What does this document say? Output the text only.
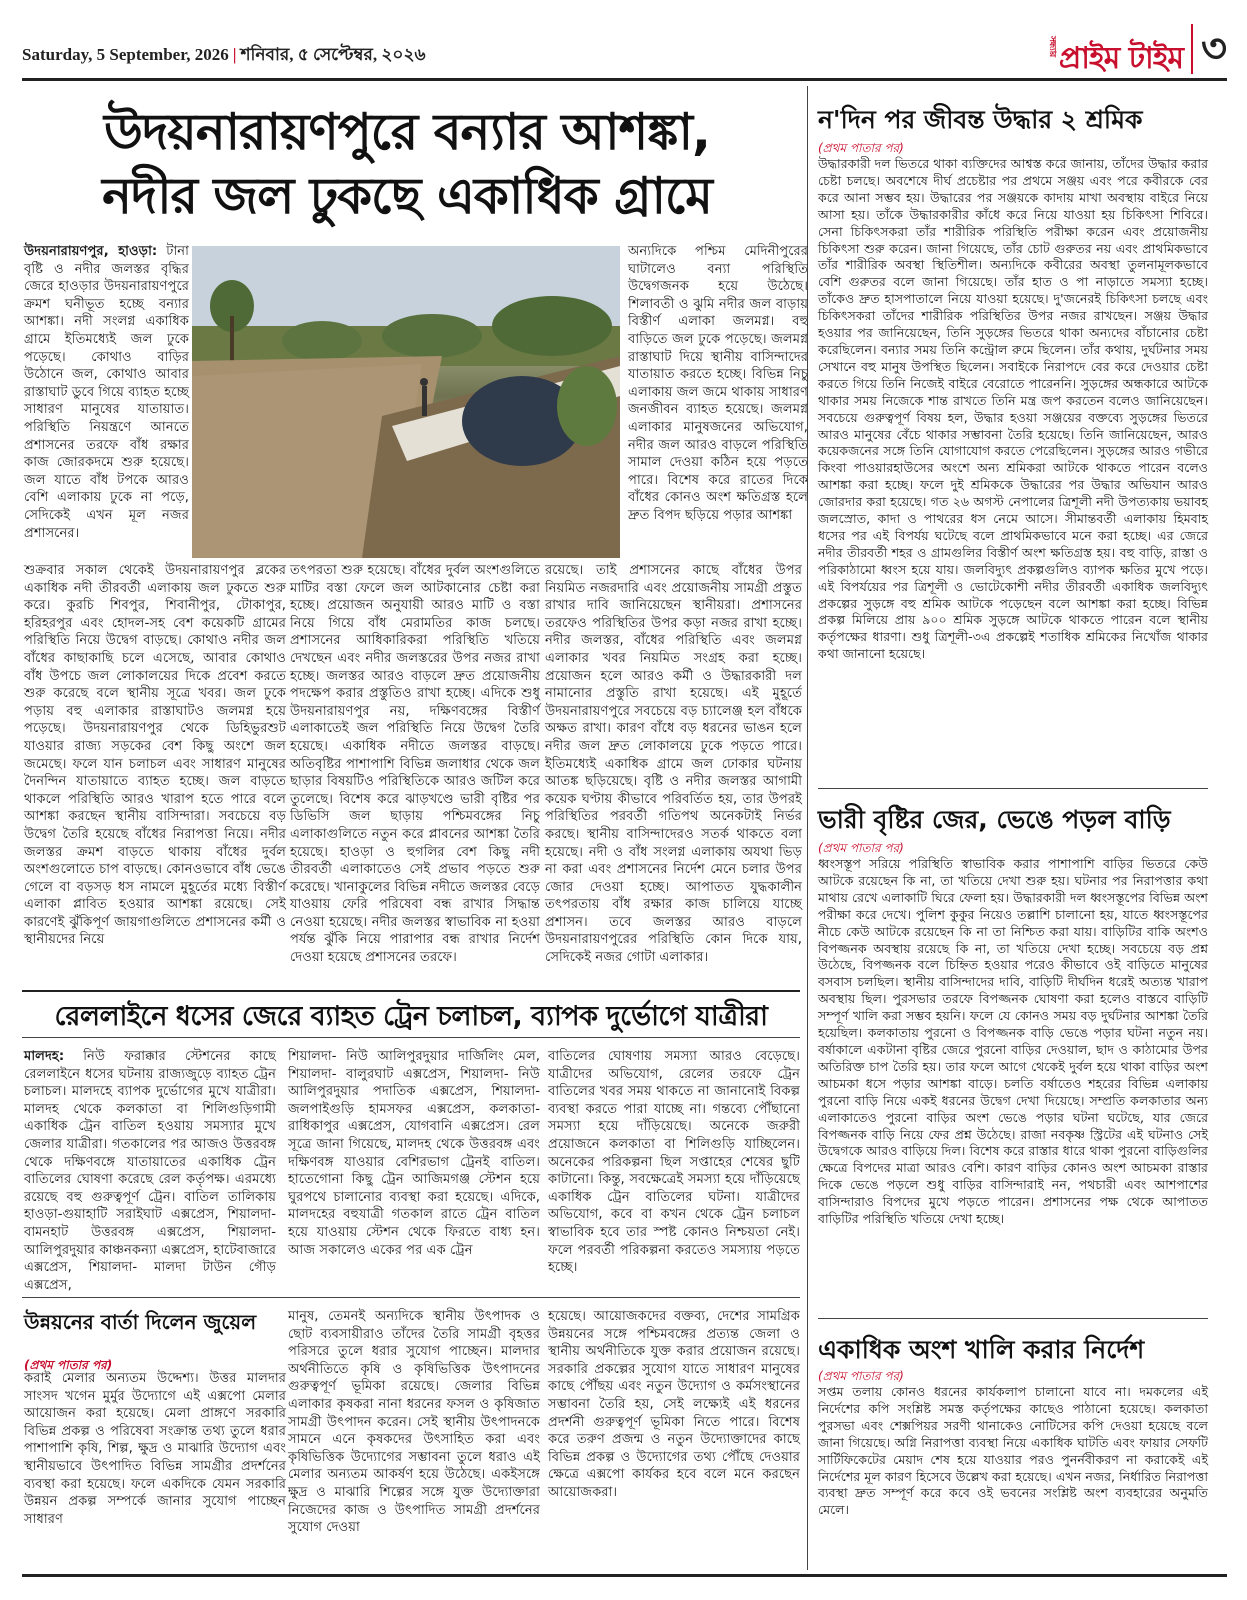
Saturday, 5 September, 2026 | শনিবার, ৫ সেপ্টেম্বর, ২০২৬	সন্ধ্যার প্রাইম টাইম ৩
উদয়নারায়ণপুরে বন্যার আশঙ্কা,
নদীর জল ঢুকছে একাধিক গ্রামে
উদয়নারায়ণপুর, হাওড়া: টানা বৃষ্টি ও নদীর জলস্তর বৃদ্ধির জেরে হাওড়ার উদয়নারায়ণপুরে ক্রমশ ঘনীভূত হচ্ছে বন্যার আশঙ্কা। নদী সংলগ্ন একাধিক গ্রামে ইতিমধ্যেই জল ঢুকে পড়েছে। কোথাও বাড়ির উঠোনে জল, কোথাও আবার রাস্তাঘাট ডুবে গিয়ে ব্যাহত হচ্ছে সাধারণ মানুষের যাতায়াত। পরিস্থিতি নিয়ন্ত্রণে আনতে প্রশাসনের তরফে বাঁধ রক্ষার কাজ জোরকদমে শুরু হয়েছে। জল যাতে বাঁধ টপকে আরও বেশি এলাকায় ঢুকে না পড়ে, সেদিকেই এখন মূল নজর প্রশাসনের।
অন্যদিকে পশ্চিম মেদিনীপুরের ঘাটালেও বন্যা পরিস্থিতি উদ্বেগজনক হয়ে উঠেছে। শিলাবতী ও ঝুমি নদীর জল বাড়ায় বিস্তীর্ণ এলাকা জলমগ্ন। বহু বাড়িতে জল ঢুকে পড়েছে। জলমগ্ন রাস্তাঘাট দিয়ে স্থানীয় বাসিন্দাদের যাতায়াত করতে হচ্ছে। বিভিন্ন নিচু এলাকায় জল জমে থাকায় সাধারণ জনজীবন ব্যাহত হয়েছে। জলমগ্ন এলাকার মানুষজনের অভিযোগ, নদীর জল আরও বাড়লে পরিস্থিতি সামাল দেওয়া কঠিন হয়ে পড়তে পারে। বিশেষ করে রাতের দিকে বাঁধের কোনও অংশ ক্ষতিগ্রস্ত হলে দ্রুত বিপদ ছড়িয়ে পড়ার আশঙ্কা
শুক্রবার সকাল থেকেই উদয়নারায়ণপুর ব্লকের একাধিক নদী তীরবর্তী এলাকায় জল ঢুকতে শুরু করে। কুরচি শিবপুর, শিবানীপুর, টোকাপুর, হরিহরপুর এবং হোদল-সহ বেশ কয়েকটি গ্রামের পরিস্থিতি নিয়ে উদ্বেগ বাড়ছে। কোথাও নদীর জল বাঁধের কাছাকাছি চলে এসেছে, আবার কোথাও বাঁধ উপচে জল লোকালয়ের দিকে প্রবেশ করতে শুরু করেছে বলে স্থানীয় সূত্রে খবর। জল ঢুকে পড়ায় বহু এলাকার রাস্তাঘাটও জলমগ্ন হয়ে পড়েছে। উদয়নারায়ণপুর থেকে ডিহিভুরশুট যাওয়ার রাজ্য সড়কের বেশ কিছু অংশে জল জমেছে। ফলে যান চলাচল এবং সাধারণ মানুষের দৈনন্দিন যাতায়াতে ব্যাহত হচ্ছে। জল বাড়তে থাকলে পরিস্থিতি আরও খারাপ হতে পারে বলে আশঙ্কা করছেন স্থানীয় বাসিন্দারা। সবচেয়ে বড় উদ্বেগ তৈরি হয়েছে বাঁধের নিরাপত্তা নিয়ে। নদীর জলস্তর ক্রমশ বাড়তে থাকায় বাঁধের দুর্বল অংশগুলোতে চাপ বাড়ছে। কোনওভাবে বাঁধ ভেঙে গেলে বা বড়সড় ধস নামলে মুহূর্তের মধ্যে বিস্তীর্ণ এলাকা প্লাবিত হওয়ার আশঙ্কা রয়েছে। সেই কারণেই ঝুঁকিপূর্ণ জায়গাগুলিতে প্রশাসনের কর্মী ও স্থানীয়দের নিয়ে
তৎপরতা শুরু হয়েছে। বাঁধের দুর্বল অংশগুলিতে মাটির বস্তা ফেলে জল আটকানোর চেষ্টা করা হচ্ছে। প্রয়োজন অনুযায়ী আরও মাটি ও বস্তা নিয়ে গিয়ে বাঁধ মেরামতির কাজ চলছে। প্রশাসনের আধিকারিকরা পরিস্থিতি খতিয়ে দেখছেন এবং নদীর জলস্তরের উপর নজর রাখা হচ্ছে। জলস্তর আরও বাড়লে দ্রুত প্রয়োজনীয় পদক্ষেপ করার প্রস্তুতিও রাখা হচ্ছে। এদিকে শুধু উদয়নারায়ণপুর নয়, দক্ষিণবঙ্গের বিস্তীর্ণ এলাকাতেই জল পরিস্থিতি নিয়ে উদ্বেগ তৈরি হয়েছে। একাধিক নদীতে জলস্তর বাড়ছে। অতিবৃষ্টির পাশাপাশি বিভিন্ন জলাধার থেকে জল ছাড়ার বিষয়টিও পরিস্থিতিকে আরও জটিল করে তুলেছে। বিশেষ করে ঝাড়খণ্ডে ভারী বৃষ্টির পর ডিভিসি জল ছাড়ায় পশ্চিমবঙ্গের নিচু এলাকাগুলিতে নতুন করে প্লাবনের আশঙ্কা তৈরি হয়েছে। হাওড়া ও হুগলির বেশ কিছু নদী তীরবর্তী এলাকাতেও সেই প্রভাব পড়তে শুরু করেছে। খানাকুলের বিভিন্ন নদীতে জলস্তর বেড়ে যাওয়ায় ফেরি পরিষেবা বন্ধ রাখার সিদ্ধান্ত নেওয়া হয়েছে। নদীর জলস্তর স্বাভাবিক না হওয়া পর্যন্ত ঝুঁকি নিয়ে পারাপার বন্ধ রাখার নির্দেশ দেওয়া হয়েছে প্রশাসনের তরফে।
রয়েছে। তাই প্রশাসনের কাছে বাঁধের উপর নিয়মিত নজরদারি এবং প্রয়োজনীয় সামগ্রী প্রস্তুত রাখার দাবি জানিয়েছেন স্থানীয়রা। প্রশাসনের তরফেও পরিস্থিতির উপর কড়া নজর রাখা হচ্ছে। নদীর জলস্তর, বাঁধের পরিস্থিতি এবং জলমগ্ন এলাকার খবর নিয়মিত সংগ্রহ করা হচ্ছে। প্রয়োজন হলে আরও কর্মী ও উদ্ধারকারী দল নামানোর প্রস্তুতি রাখা হয়েছে। এই মুহূর্তে উদয়নারায়ণপুরে সবচেয়ে বড় চ্যালেঞ্জ হল বাঁধকে অক্ষত রাখা। কারণ বাঁধে বড় ধরনের ভাঙন হলে নদীর জল দ্রুত লোকালয়ে ঢুকে পড়তে পারে। ইতিমধ্যেই একাধিক গ্রামে জল ঢোকার ঘটনায় আতঙ্ক ছড়িয়েছে। বৃষ্টি ও নদীর জলস্তর আগামী কয়েক ঘণ্টায় কীভাবে পরিবর্তিত হয়, তার উপরই পরিস্থিতির পরবর্তী গতিপথ অনেকটাই নির্ভর করছে। স্থানীয় বাসিন্দাদেরও সতর্ক থাকতে বলা হয়েছে। নদী ও বাঁধ সংলগ্ন এলাকায় অযথা ভিড় না করা এবং প্রশাসনের নির্দেশ মেনে চলার উপর জোর দেওয়া হচ্ছে। আপাতত যুদ্ধকালীন তৎপরতায় বাঁধ রক্ষার কাজ চালিয়ে যাচ্ছে প্রশাসন। তবে জলস্তর আরও বাড়লে উদয়নারায়ণপুরের পরিস্থিতি কোন দিকে যায়, সেদিকেই নজর গোটা এলাকার।
রেললাইনে ধসের জেরে ব্যাহত ট্রেন চলাচল, ব্যাপক দুর্ভোগে যাত্রীরা
মালদহ: নিউ ফরাক্কার স্টেশনের কাছে রেললাইনে ধসের ঘটনায় রাজ্যজুড়ে ব্যাহত ট্রেন চলাচল। মালদহে ব্যাপক দুর্ভোগের মুখে যাত্রীরা। মালদহ থেকে কলকাতা বা শিলিগুড়িগামী একাধিক ট্রেন বাতিল হওয়ায় সমস্যার মুখে জেলার যাত্রীরা। গতকালের পর আজও উত্তরবঙ্গ থেকে দক্ষিণবঙ্গে যাতায়াতের একাধিক ট্রেন বাতিলের ঘোষণা করেছে রেল কর্তৃপক্ষ। এরমধ্যে রয়েছে বহু গুরুত্বপূর্ণ ট্রেন। বাতিল তালিকায় হাওড়া-গুয়াহাটি সরাইঘাট এক্সপ্রেস, শিয়ালদা-বামনহাট উত্তরবঙ্গ এক্সপ্রেস, শিয়ালদা-আলিপুরদুয়ার কাঞ্চনকন্যা এক্সপ্রেস, হাটেবাজারে এক্সপ্রেস, শিয়ালদা- মালদা টাউন গৌড় এক্সপ্রেস,
শিয়ালদা- নিউ আলিপুরদুয়ার দার্জিলিং মেল, শিয়ালদা- বালুরঘাট এক্সপ্রেস, শিয়ালদা- নিউ আলিপুরদুয়ার পদাতিক এক্সপ্রেস, শিয়ালদা- জলপাইগুড়ি হামসফর এক্সপ্রেস, কলকাতা- রাধিকাপুর এক্সপ্রেস, যোগবানি এক্সপ্রেস। রেল সূত্রে জানা গিয়েছে, মালদহ থেকে উত্তরবঙ্গ এবং দক্ষিণবঙ্গ যাওয়ার বেশিরভাগ ট্রেনই বাতিল। হাতেগোনা কিছু ট্রেন আজিমগঞ্জ স্টেশন হয়ে ঘুরপথে চালানোর ব্যবস্থা করা হয়েছে। এদিকে, মালদহের বহুযাত্রী গতকাল রাতে ট্রেন বাতিল হয়ে যাওয়ায় স্টেশন থেকে ফিরতে বাধ্য হন। আজ সকালেও একের পর এক ট্রেন
বাতিলের ঘোষণায় সমস্যা আরও বেড়েছে। যাত্রীদের অভিযোগ, রেলের তরফে ট্রেন বাতিলের খবর সময় থাকতে না জানানোই বিকল্প ব্যবস্থা করতে পারা যাচ্ছে না। গন্তব্যে পৌঁছানো সমস্যা হয়ে দাঁড়িয়েছে। অনেকে জরুরী প্রয়োজনে কলকাতা বা শিলিগুড়ি যাচ্ছিলেন। অনেকের পরিকল্পনা ছিল সপ্তাহের শেষের ছুটি কাটানো। কিন্তু, সবক্ষেত্রেই সমস্যা হয়ে দাঁড়িয়েছে একাধিক ট্রেন বাতিলের ঘটনা। যাত্রীদের অভিযোগ, কবে বা কখন থেকে ট্রেন চলাচল স্বাভাবিক হবে তার স্পষ্ট কোনও নিশ্চয়তা নেই। ফলে পরবর্তী পরিকল্পনা করতেও সমস্যায় পড়তে হচ্ছে।
উন্নয়নের বার্তা দিলেন জুয়েল
(প্রথম পাতার পর)
করাই মেলার অন্যতম উদ্দেশ্য। উত্তর মালদার সাংসদ খগেন মুর্মুর উদ্যোগে এই এক্সপো মেলার আয়োজন করা হয়েছে। মেলা প্রাঙ্গণে সরকারি বিভিন্ন প্রকল্প ও পরিষেবা সংক্রান্ত তথ্য তুলে ধরার পাশাপাশি কৃষি, শিল্প, ক্ষুদ্র ও মাঝারি উদ্যোগ এবং স্থানীয়ভাবে উৎপাদিত বিভিন্ন সামগ্রীর প্রদর্শনের ব্যবস্থা করা হয়েছে। ফলে একদিকে যেমন সরকারি উন্নয়ন প্রকল্প সম্পর্কে জানার সুযোগ পাচ্ছেন সাধারণ
মানুষ, তেমনই অন্যদিকে স্থানীয় উৎপাদক ও ছোট ব্যবসায়ীরাও তাঁদের তৈরি সামগ্রী বৃহত্তর পরিসরে তুলে ধরার সুযোগ পাচ্ছেন। মালদার অর্থনীতিতে কৃষি ও কৃষিভিত্তিক উৎপাদনের গুরুত্বপূর্ণ ভূমিকা রয়েছে। জেলার বিভিন্ন এলাকার কৃষকরা নানা ধরনের ফসল ও কৃষিজাত সামগ্রী উৎপাদন করেন। সেই স্থানীয় উৎপাদনকে সামনে এনে কৃষকদের উৎসাহিত করা এবং কৃষিভিত্তিক উদ্যোগের সম্ভাবনা তুলে ধরাও এই মেলার অন্যতম আকর্ষণ হয়ে উঠেছে। একইসঙ্গে ক্ষুদ্র ও মাঝারি শিল্পের সঙ্গে যুক্ত উদ্যোক্তারা নিজেদের কাজ ও উৎপাদিত সামগ্রী প্রদর্শনের সুযোগ দেওয়া
হয়েছে। আয়োজকদের বক্তব্য, দেশের সামগ্রিক উন্নয়নের সঙ্গে পশ্চিমবঙ্গের প্রত্যন্ত জেলা ও স্থানীয় অর্থনীতিকে যুক্ত করার প্রয়োজন রয়েছে। সরকারি প্রকল্পের সুযোগ যাতে সাধারণ মানুষের কাছে পৌঁছয় এবং নতুন উদ্যোগ ও কর্মসংস্থানের সম্ভাবনা তৈরি হয়, সেই লক্ষ্যেই এই ধরনের প্রদর্শনী গুরুত্বপূর্ণ ভূমিকা নিতে পারে। বিশেষ করে তরুণ প্রজন্ম ও নতুন উদ্যোক্তাদের কাছে বিভিন্ন প্রকল্প ও উদ্যোগের তথ্য পৌঁছে দেওয়ার ক্ষেত্রে এক্সপো কার্যকর হবে বলে মনে করছেন আয়োজকরা।
ন'দিন পর জীবন্ত উদ্ধার ২ শ্রমিক
(প্রথম পাতার পর)
উদ্ধারকারী দল ভিতরে থাকা ব্যক্তিদের আশ্বস্ত করে জানায়, তাঁদের উদ্ধার করার চেষ্টা চলছে। অবশেষে দীর্ঘ প্রচেষ্টার পর প্রথমে সঞ্জয় এবং পরে কবীরকে বের করে আনা সম্ভব হয়। উদ্ধারের পর সঞ্জয়কে কাদায় মাখা অবস্থায় বাইরে নিয়ে আসা হয়। তাঁকে উদ্ধারকারীর কাঁধে করে নিয়ে যাওয়া হয় চিকিৎসা শিবিরে। সেনা চিকিৎসকরা তাঁর শারীরিক পরিস্থিতি পরীক্ষা করেন এবং প্রয়োজনীয় চিকিৎসা শুরু করেন। জানা গিয়েছে, তাঁর চোট গুরুতর নয় এবং প্রাথমিকভাবে তাঁর শারীরিক অবস্থা স্থিতিশীল। অন্যদিকে কবীরের অবস্থা তুলনামূলকভাবে বেশি গুরুতর বলে জানা গিয়েছে। তাঁর হাত ও পা নাড়াতে সমস্যা হচ্ছে। তাঁকেও দ্রুত হাসপাতালে নিয়ে যাওয়া হয়েছে। দু'জনেরই চিকিৎসা চলছে এবং চিকিৎসকরা তাঁদের শারীরিক পরিস্থিতির উপর নজর রাখছেন। সঞ্জয় উদ্ধার হওয়ার পর জানিয়েছেন, তিনি সুড়ঙ্গের ভিতরে থাকা অন্যদের বাঁচানোর চেষ্টা করেছিলেন। বন্যার সময় তিনি কন্ট্রোল রুমে ছিলেন। তাঁর কথায়, দুর্ঘটনার সময় সেখানে বহু মানুষ উপস্থিত ছিলেন। সবাইকে নিরাপদে বের করে দেওয়ার চেষ্টা করতে গিয়ে তিনি নিজেই বাইরে বেরোতে পারেননি। সুড়ঙ্গের অন্ধকারে আটকে থাকার সময় নিজেকে শান্ত রাখতে তিনি মন্ত্র জপ করতেন বলেও জানিয়েছেন। সবচেয়ে গুরুত্বপূর্ণ বিষয় হল, উদ্ধার হওয়া সঞ্জয়ের বক্তব্যে সুড়ঙ্গের ভিতরে আরও মানুষের বেঁচে থাকার সম্ভাবনা তৈরি হয়েছে। তিনি জানিয়েছেন, আরও কয়েকজনের সঙ্গে তিনি যোগাযোগ করতে পেরেছিলেন। সুড়ঙ্গের আরও গভীরে কিংবা পাওয়ারহাউসের অংশে অন্য শ্রমিকরা আটকে থাকতে পারেন বলেও আশঙ্কা করা হচ্ছে। ফলে দুই শ্রমিককে উদ্ধারের পর উদ্ধার অভিযান আরও জোরদার করা হয়েছে। গত ২৬ অগস্ট নেপালের ত্রিশূলী নদী উপত্যকায় ভয়াবহ জলস্রোত, কাদা ও পাথরের ধস নেমে আসে। সীমান্তবর্তী এলাকায় হিমবাহ ধসের পর এই বিপর্যয় ঘটেছে বলে প্রাথমিকভাবে মনে করা হচ্ছে। এর জেরে নদীর তীরবর্তী শহর ও গ্রামগুলির বিস্তীর্ণ অংশ ক্ষতিগ্রস্ত হয়। বহু বাড়ি, রাস্তা ও পরিকাঠামো ধ্বংস হয়ে যায়। জলবিদ্যুৎ প্রকল্পগুলিও ব্যাপক ক্ষতির মুখে পড়ে। এই বিপর্যয়ের পর ত্রিশূলী ও ভোটেকোশী নদীর তীরবর্তী একাধিক জলবিদ্যুৎ প্রকল্পের সুড়ঙ্গে বহু শ্রমিক আটকে পড়েছেন বলে আশঙ্কা করা হচ্ছে। বিভিন্ন প্রকল্প মিলিয়ে প্রায় ৯০০ শ্রমিক সুড়ঙ্গে আটকে থাকতে পারেন বলে স্থানীয় কর্তৃপক্ষের ধারণা। শুধু ত্রিশূলী-৩এ প্রকল্পেই শতাধিক শ্রমিকের নিখোঁজ থাকার কথা জানানো হয়েছে।
ভারী বৃষ্টির জের, ভেঙে পড়ল বাড়ি
(প্রথম পাতার পর)
ধ্বংসস্তূপ সরিয়ে পরিস্থিতি স্বাভাবিক করার পাশাপাশি বাড়ির ভিতরে কেউ আটকে রয়েছেন কি না, তা খতিয়ে দেখা শুরু হয়। ঘটনার পর নিরাপত্তার কথা মাথায় রেখে এলাকাটি ঘিরে ফেলা হয়। উদ্ধারকারী দল ধ্বংসস্তূপের বিভিন্ন অংশ পরীক্ষা করে দেখে। পুলিশ কুকুর নিয়েও তল্লাশি চালানো হয়, যাতে ধ্বংসস্তূপের নীচে কেউ আটকে রয়েছেন কি না তা নিশ্চিত করা যায়। বাড়িটির বাকি অংশও বিপজ্জনক অবস্থায় রয়েছে কি না, তা খতিয়ে দেখা হচ্ছে। সবচেয়ে বড় প্রশ্ন উঠেছে, বিপজ্জনক বলে চিহ্নিত হওয়ার পরেও কীভাবে ওই বাড়িতে মানুষের বসবাস চলছিল। স্থানীয় বাসিন্দাদের দাবি, বাড়িটি দীর্ঘদিন ধরেই অত্যন্ত খারাপ অবস্থায় ছিল। পুরসভার তরফে বিপজ্জনক ঘোষণা করা হলেও বাস্তবে বাড়িটি সম্পূর্ণ খালি করা সম্ভব হয়নি। ফলে যে কোনও সময় বড় দুর্ঘটনার আশঙ্কা তৈরি হয়েছিল। কলকাতায় পুরনো ও বিপজ্জনক বাড়ি ভেঙে পড়ার ঘটনা নতুন নয়। বর্ষাকালে একটানা বৃষ্টির জেরে পুরনো বাড়ির দেওয়াল, ছাদ ও কাঠামোর উপর অতিরিক্ত চাপ তৈরি হয়। তার ফলে আগে থেকেই দুর্বল হয়ে থাকা বাড়ির অংশ আচমকা ধসে পড়ার আশঙ্কা বাড়ে। চলতি বর্ষাতেও শহরের বিভিন্ন এলাকায় পুরনো বাড়ি নিয়ে একই ধরনের উদ্বেগ দেখা দিয়েছে। সম্প্রতি কলকাতার অন্য এলাকাতেও পুরনো বাড়ির অংশ ভেঙে পড়ার ঘটনা ঘটেছে, যার জেরে বিপজ্জনক বাড়ি নিয়ে ফের প্রশ্ন উঠেছে। রাজা নবকৃষ্ণ স্ট্রিটের এই ঘটনাও সেই উদ্বেগকে আরও বাড়িয়ে দিল। বিশেষ করে রাস্তার ধারে থাকা পুরনো বাড়িগুলির ক্ষেত্রে বিপদের মাত্রা আরও বেশি। কারণ বাড়ির কোনও অংশ আচমকা রাস্তার দিকে ভেঙে পড়লে শুধু বাড়ির বাসিন্দারাই নন, পথচারী এবং আশপাশের বাসিন্দারাও বিপদের মুখে পড়তে পারেন। প্রশাসনের পক্ষ থেকে আপাতত বাড়িটির পরিস্থিতি খতিয়ে দেখা হচ্ছে।
একাধিক অংশ খালি করার নির্দেশ
(প্রথম পাতার পর)
সপ্তম তলায় কোনও ধরনের কার্যকলাপ চালানো যাবে না। দমকলের এই নির্দেশের কপি সংশ্লিষ্ট সমস্ত কর্তৃপক্ষের কাছেও পাঠানো হয়েছে। কলকাতা পুরসভা এবং শেক্সপিয়র সরণী থানাকেও নোটিসের কপি দেওয়া হয়েছে বলে জানা গিয়েছে। অগ্নি নিরাপত্তা ব্যবস্থা নিয়ে একাধিক ঘাটতি এবং ফায়ার সেফটি সার্টিফিকেটের মেয়াদ শেষ হয়ে যাওয়ার পরও পুনর্নবীকরণ না করাকেই এই নির্দেশের মূল কারণ হিসেবে উল্লেখ করা হয়েছে। এখন নজর, নির্ধারিত নিরাপত্তা ব্যবস্থা দ্রুত সম্পূর্ণ করে কবে ওই ভবনের সংশ্লিষ্ট অংশ ব্যবহারের অনুমতি মেলে।
